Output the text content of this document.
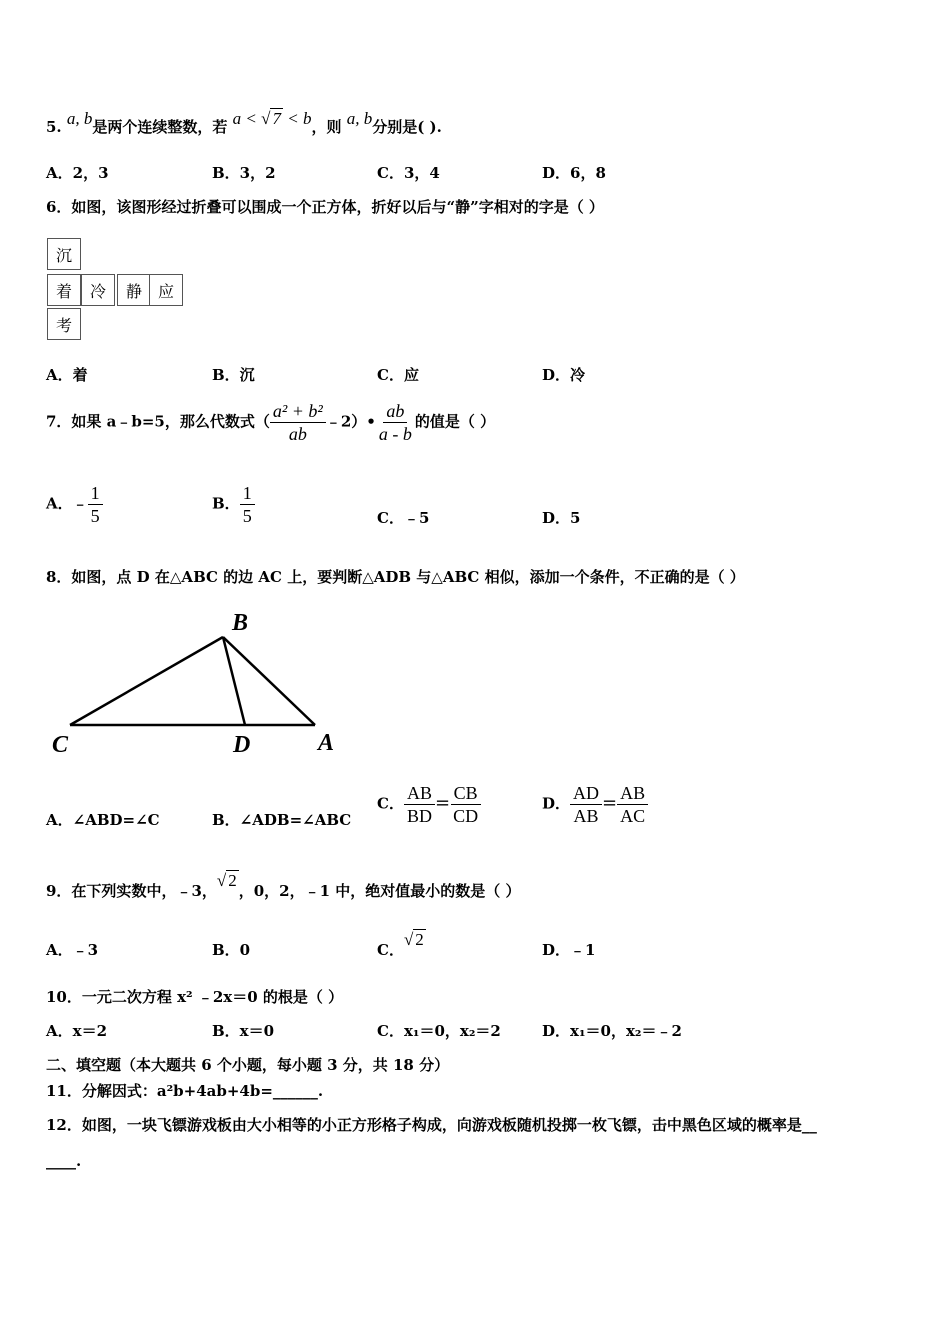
5. a, b是两个连续整数，若 a < √ 7 < b，则 a, b分别是( ).
A．2，3	B．3，2	C．3，4	D．6，8
6．如图，该图形经过折叠可以围成一个正方体，折好以后与“静”字相对的字是（ ）
沉
着	冷	静 应
考
A．着	B．沉	C．应	D．冷
7．如果 a﹣b=5，那么代数式（ $\frac{\text{a² + b²}}{ab}$ ﹣2）• $\frac{ab}{a - b}$ 的值是（ ）
A．﹣ $\frac{1}{5}$	B． $\frac{1}{5}$	C．﹣5	D．5
8．如图，点 D 在△ABC 的边 AC 上，要判断△ADB 与△ABC 相似，添加一个条件，不正确的是（ ）
B
C	D	A
A．∠ABD=∠C	B．∠ADB=∠ABC
C． $\frac{AB}{BD} = \frac{CB}{CD}$	D． $\frac{AD}{AB} = \frac{AB}{AC}$
9．在下列实数中，﹣3，√ 2，0，2，﹣1 中，绝对值最小的数是（ ）
A．﹣3	B．0	C．√ 2
D．﹣1
10．一元二次方程 x² ﹣2x＝0 的根是（ ）
A．x＝2	B．x＝0	C．x₁＝0，x₂＝2	D．x₁＝0，x₂＝﹣2
二、填空题（本大题共 6 个小题，每小题 3 分，共 18 分）
11．分解因式：a²b+4ab+4b=______.
12．如图，一块飞镖游戏板由大小相等的小正方形格子构成，向游戏板随机投掷一枚飞镖，击中黑色区域的概率是__
____.
